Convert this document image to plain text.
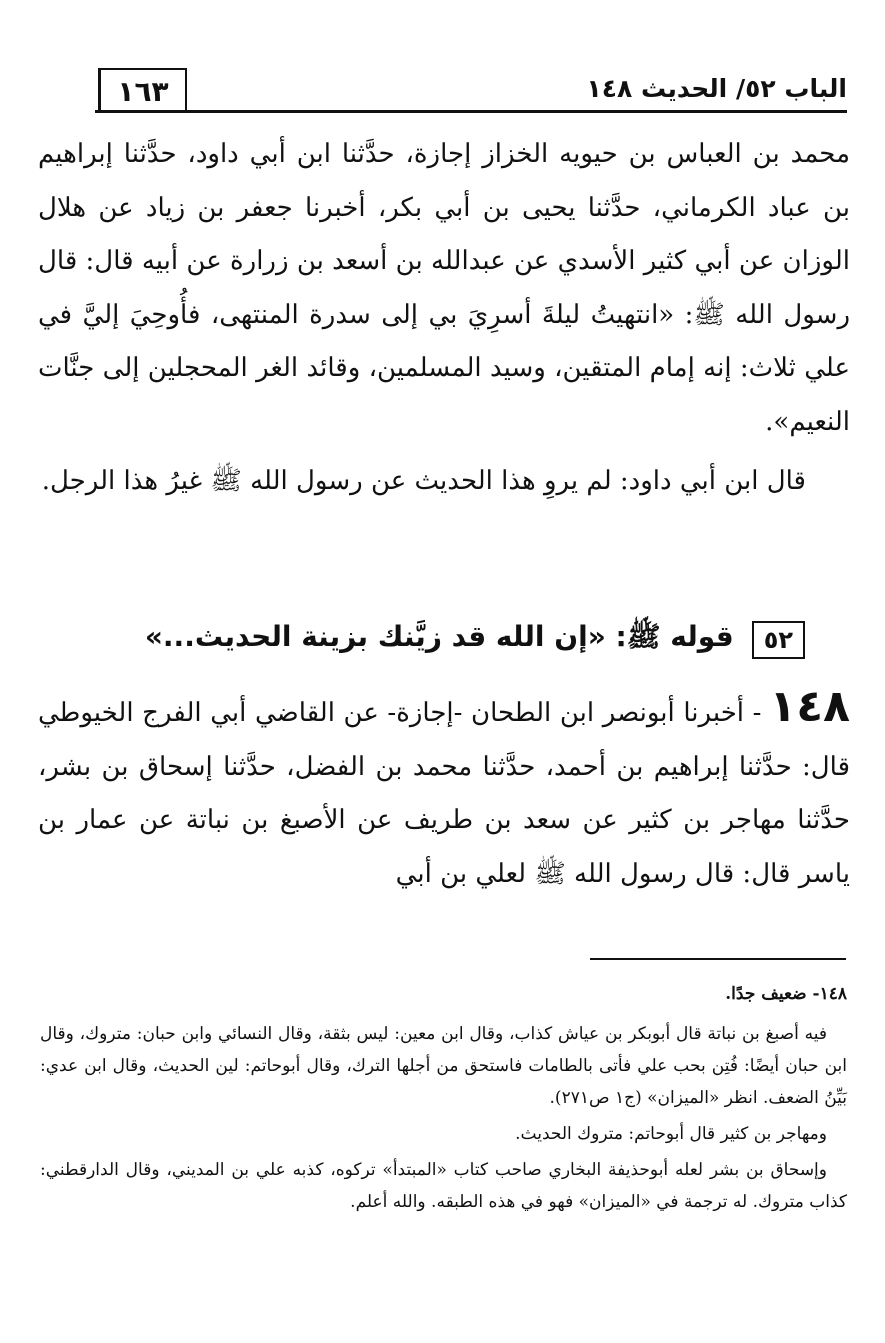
الباب ٥٢/ الحديث ١٤٨
١٦٣

محمد بن العباس بن حيويه الخزاز إجازة، حدَّثنا ابن أبي داود، حدَّثنا إبراهيم بن عباد الكرماني، حدَّثنا يحيى بن أبي بكر، أخبرنا جعفر بن زياد عن هلال الوزان عن أبي كثير الأسدي عن عبدالله بن أسعد بن زرارة عن أبيه قال: قال رسول الله ﷺ: «انتهيتُ ليلةَ أسرِيَ بي إلى سدرة المنتهى، فأُوحِيَ إليَّ في علي ثلاث: إنه إمام المتقين، وسيد المسلمين، وقائد الغر المحجلين إلى جنَّات النعيم».

قال ابن أبي داود: لم يروِ هذا الحديث عن رسول الله ﷺ غيرُ هذا الرجل.

٥٢
قوله ﷺ: «إن الله قد زيَّنك بزينة الحديث...»

١٤٨- أخبرنا أبونصر ابن الطحان -إجازة- عن القاضي أبي الفرج الخيوطي قال: حدَّثنا إبراهيم بن أحمد، حدَّثنا محمد بن الفضل، حدَّثنا إسحاق بن بشر، حدَّثنا مهاجر بن كثير عن سعد بن طريف عن الأصبغ بن نباتة عن عمار بن ياسر قال: قال رسول الله ﷺ لعلي بن أبي

١٤٨- ضعيف جدًا.

فيه أصبغ بن نباتة قال أبوبكر بن عياش كذاب، وقال ابن معين: ليس بثقة، وقال النسائي وابن حبان: متروك، وقال ابن حبان أيضًا: فُتِن بحب علي فأتى بالطامات فاستحق من أجلها الترك، وقال أبوحاتم: لين الحديث، وقال ابن عدي: بَيِّنُ الضعف. انظر «الميزان» (ج١ ص٢٧١).

ومهاجر بن كثير قال أبوحاتم: متروك الحديث.

وإسحاق بن بشر لعله أبوحذيفة البخاري صاحب كتاب «المبتدأ» تركوه، كذبه علي بن المديني، وقال الدارقطني: كذاب متروك. له ترجمة في «الميزان» فهو في هذه الطبقه. والله أعلم.
